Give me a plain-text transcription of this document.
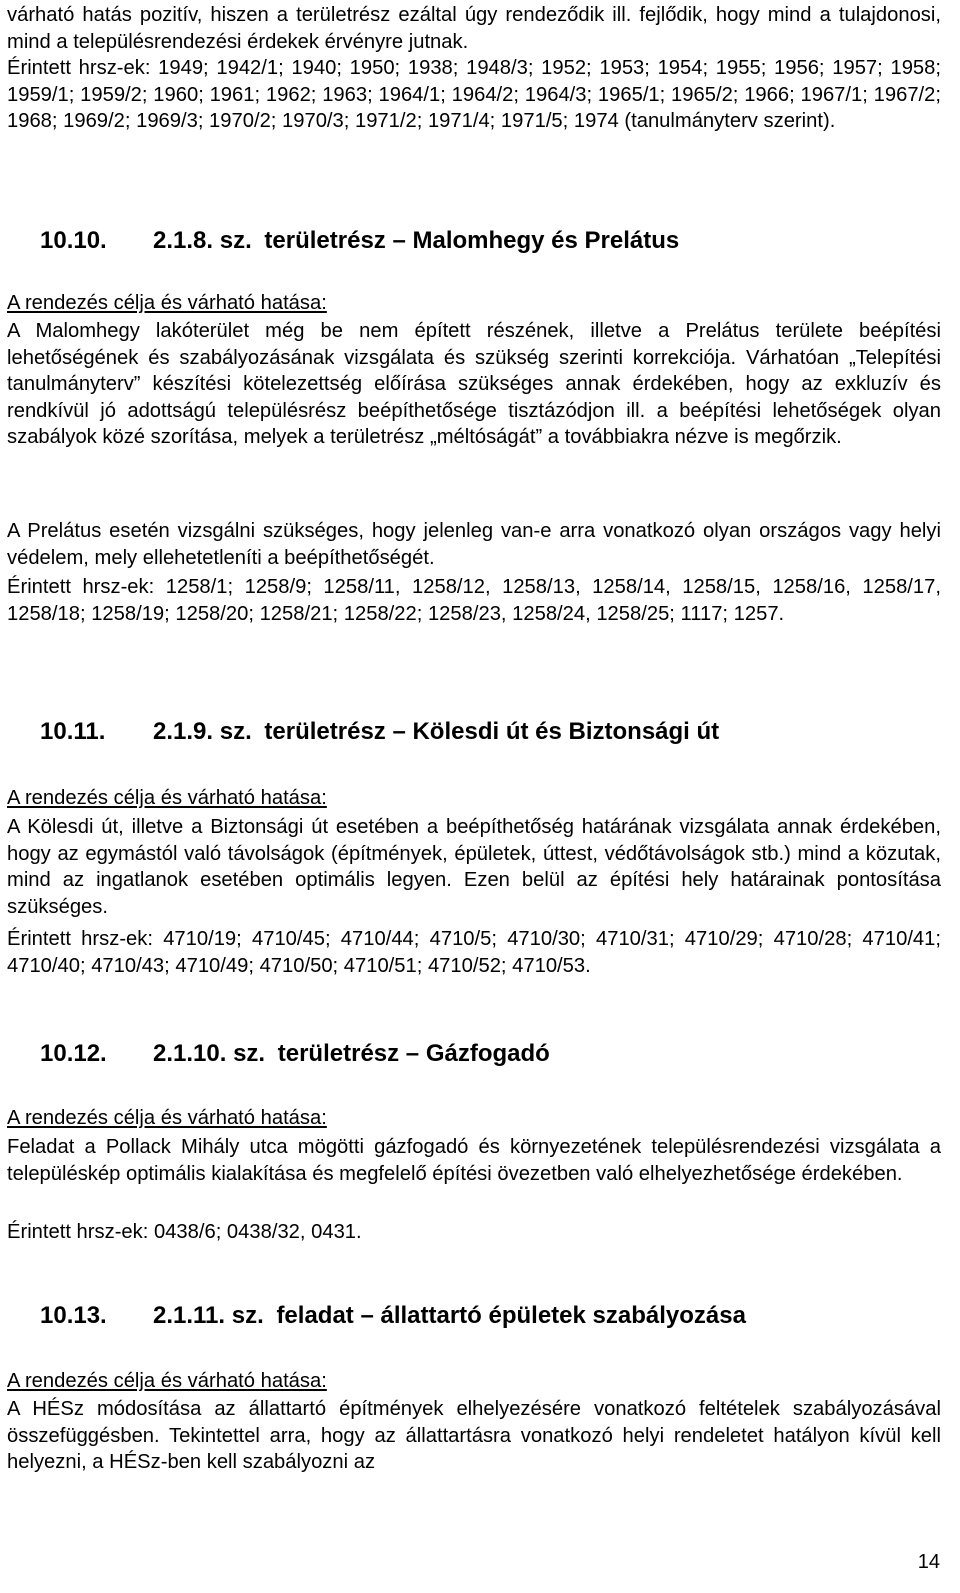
várható hatás pozitív, hiszen a területrész ezáltal úgy rendeződik ill. fejlődik, hogy mind a tulajdonosi, mind a településrendezési érdekek érvényre jutnak.

Érintett hrsz-ek: 1949; 1942/1; 1940; 1950; 1938; 1948/3; 1952; 1953; 1954; 1955; 1956; 1957; 1958; 1959/1; 1959/2; 1960; 1961; 1962; 1963; 1964/1; 1964/2; 1964/3; 1965/1; 1965/2; 1966; 1967/1; 1967/2; 1968; 1969/2; 1969/3; 1970/2; 1970/3; 1971/2; 1971/4; 1971/5; 1974 (tanulmányterv szerint).

10.10. 2.1.8. sz. területrész – Malomhegy és Prelátus
A rendezés célja és várható hatása:

A Malomhegy lakóterület még be nem épített részének, illetve a Prelátus területe beépítési lehetőségének és szabályozásának vizsgálata és szükség szerinti korrekciója. Várhatóan „Telepítési tanulmányterv” készítési kötelezettség előírása szükséges annak érdekében, hogy az exkluzív és rendkívül jó adottságú településrész beépíthetősége tisztázódjon ill. a beépítési lehetőségek olyan szabályok közé szorítása, melyek a területrész „méltóságát” a továbbiakra nézve is megőrzik.

A Prelátus esetén vizsgálni szükséges, hogy jelenleg van-e arra vonatkozó olyan országos vagy helyi védelem, mely ellehetetleníti a beépíthetőségét.

Érintett hrsz-ek: 1258/1; 1258/9; 1258/11, 1258/12, 1258/13, 1258/14, 1258/15, 1258/16, 1258/17, 1258/18; 1258/19; 1258/20; 1258/21; 1258/22; 1258/23, 1258/24, 1258/25; 1117; 1257.

10.11. 2.1.9. sz. területrész – Kölesdi út és Biztonsági út
A rendezés célja és várható hatása:

A Kölesdi út, illetve a Biztonsági út esetében a beépíthetőség határának vizsgálata annak érdekében, hogy az egymástól való távolságok (építmények, épületek, úttest, védőtávolságok stb.) mind a közutak, mind az ingatlanok esetében optimális legyen. Ezen belül az építési hely határainak pontosítása szükséges.

Érintett hrsz-ek: 4710/19; 4710/45; 4710/44; 4710/5; 4710/30; 4710/31; 4710/29; 4710/28; 4710/41; 4710/40; 4710/43; 4710/49; 4710/50; 4710/51; 4710/52; 4710/53.

10.12. 2.1.10. sz. területrész – Gázfogadó
A rendezés célja és várható hatása:

Feladat a Pollack Mihály utca mögötti gázfogadó és környezetének településrendezési vizsgálata a településkép optimális kialakítása és megfelelő építési övezetben való elhelyezhetősége érdekében.

Érintett hrsz-ek: 0438/6; 0438/32, 0431.

10.13. 2.1.11. sz. feladat – állattartó épületek szabályozása
A rendezés célja és várható hatása:

A HÉSz módosítása az állattartó építmények elhelyezésére vonatkozó feltételek szabályozásával összefüggésben. Tekintettel arra, hogy az állattartásra vonatkozó helyi rendeletet hatályon kívül kell helyezni, a HÉSz-ben kell szabályozni az

14
